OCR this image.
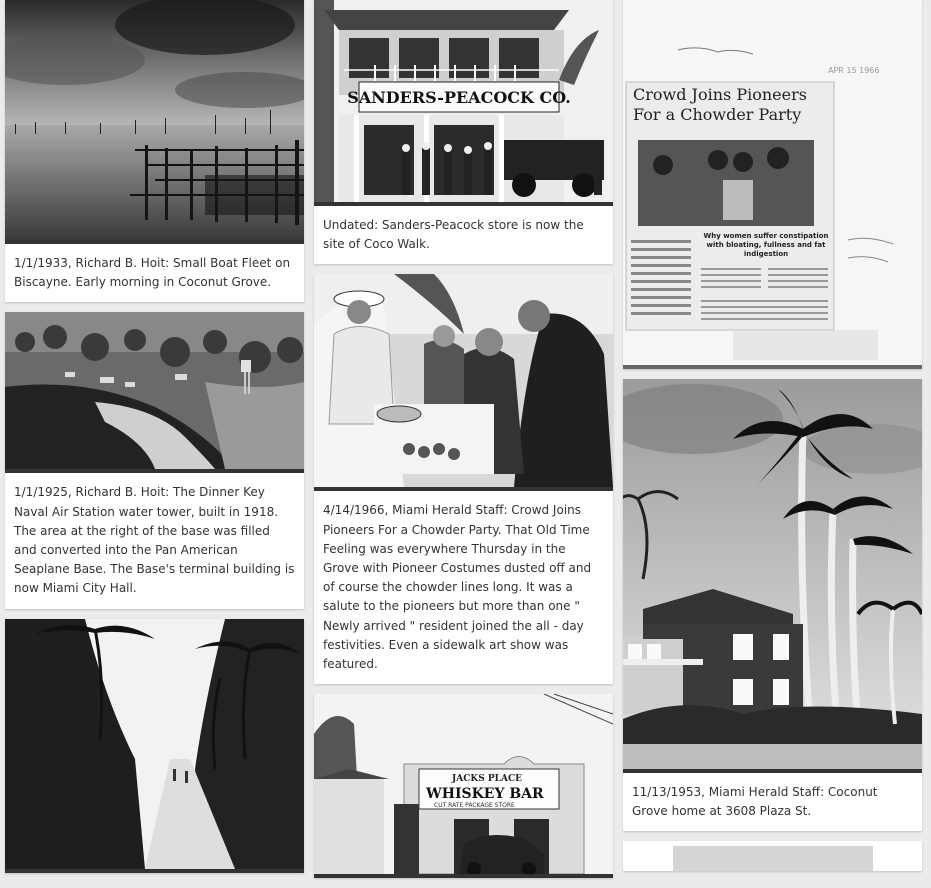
1/1/1933, Richard B. Hoit: Small Boat Fleet on Biscayne. Early morning in Coconut Grove.
1/1/1925, Richard B. Hoit: The Dinner Key Naval Air Station water tower, built in 1918. The area at the right of the base was filled and converted into the Pan American Seaplane Base. The Base's terminal building is now Miami City Hall.
SANDERS-PEACOCK CO.
Undated: Sanders-Peacock store is now the site of Coco Walk.
4/14/1966, Miami Herald Staff: Crowd Joins Pioneers For a Chowder Party. That Old Time Feeling was everywhere Thursday in the Grove with Pioneer Costumes dusted off and of course the chowder lines long. It was a salute to the pioneers but more than one " Newly arrived " resident joined the all - day festivities. Even a sidewalk art show was featured.
JACKS PLACE
WHISKEY BAR
CUT RATE PACKAGE STORE
APR 15 1966
Crowd Joins Pioneers
For a Chowder Party
Why women suffer constipation with bloating, fullness and fat indigestion
11/13/1953, Miami Herald Staff: Coconut Grove home at 3608 Plaza St.
